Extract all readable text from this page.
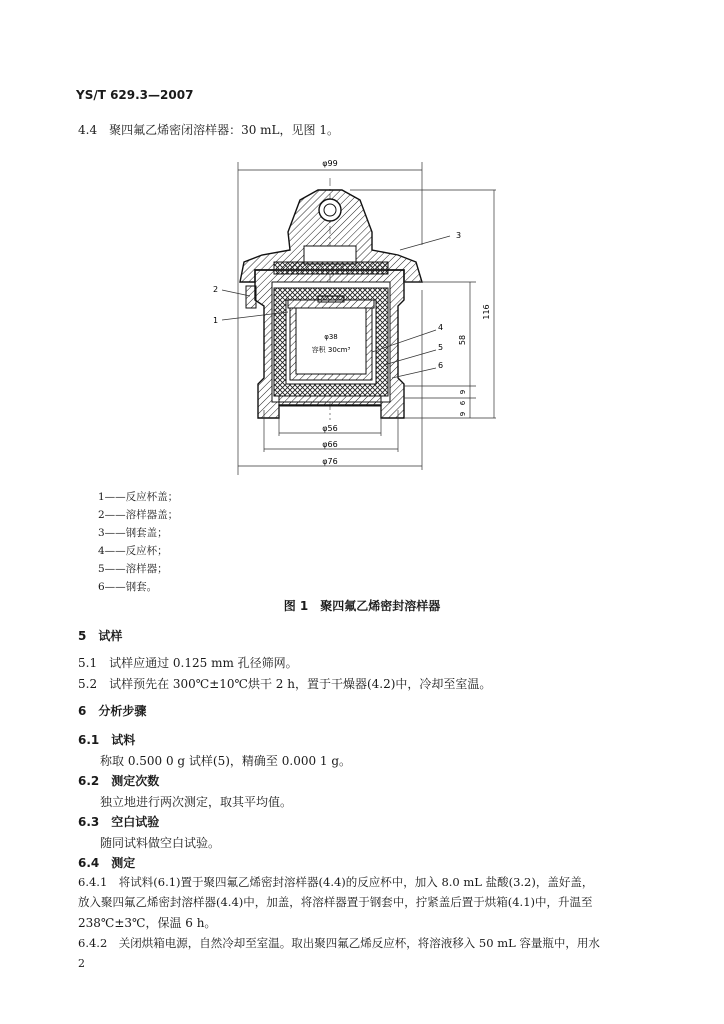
YS/T 629.3—2007
4.4　聚四氟乙烯密闭溶样器：30 mL，见图 1。
φ99
φ38
容积 30cm³
φ56
φ66
φ76
116
58
9
6
9
1
2
3
4
5
6
1——反应杯盖；
2——溶样器盖；
3——钢套盖；
4——反应杯；
5——溶样器；
6——钢套。
图 1　聚四氟乙烯密封溶样器
5　试样
5.1　试样应通过 0.125 mm 孔径筛网。
5.2　试样预先在 300℃±10℃烘干 2 h，置于干燥器(4.2)中，冷却至室温。
6　分析步骤
6.1　试料
称取 0.500 0 g 试样(5)，精确至 0.000 1 g。
6.2　测定次数
独立地进行两次测定，取其平均值。
6.3　空白试验
随同试料做空白试验。
6.4　测定
6.4.1　将试料(6.1)置于聚四氟乙烯密封溶样器(4.4)的反应杯中，加入 8.0 mL 盐酸(3.2)，盖好盖，
放入聚四氟乙烯密封溶样器(4.4)中，加盖，将溶样器置于钢套中，拧紧盖后置于烘箱(4.1)中，升温至
238℃±3℃，保温 6 h。
6.4.2　关闭烘箱电源，自然冷却至室温。取出聚四氟乙烯反应杯，将溶液移入 50 mL 容量瓶中，用水
2
